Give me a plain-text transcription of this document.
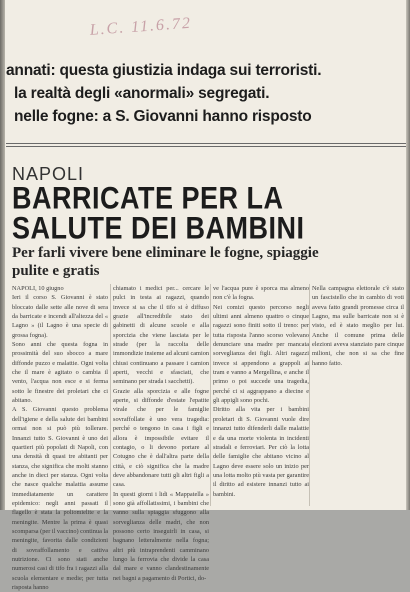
L.C. 11.6.72
annati: questa giustizia indaga sui terroristi.
la realtà degli «anormali» segregati.
nelle fogne: a S. Giovanni hanno risposto
NAPOLI
BARRICATE PER LA
SALUTE DEI BAMBINI
Per farli vivere bene eliminare le fogne, spiaggie
pulite e gratis

NAPOLI, 10 giugno

Ieri il corso S. Giovanni è stato bloccato dalle sette alle nove di sera da barricate e incendi all'altezza del « Lagno » (il Lagno è una specie di grossa fogna).

Sono anni che questa fogna in prossimità del suo sbocco a mare diffonde puzzo e malattie. Ogni volta che il mare è agitato o cambia il vento, l'acqua non esce e si ferma sotto le finestre dei proletari che ci abitano.

A S. Giovanni questo problema dell'igiene e della salute dei bambini ormai non si può più tollerare. Innanzi tutto S. Giovanni è uno dei quartieri più popolati di Napoli, con una densità di quasi tre abitanti per stanza, che significa che molti stanno anche in dieci per stanza. Ogni volta che nasce qualche malattia assume immediatamente un carattere epidemico: negli anni passati il flagello è stata la poliomielite e la meningite. Mentre la prima è quasi scomparsa (per il vaccino) continua la meningite, favorita dalle condizioni di sovraffollamento e cattiva nutrizione. Ci sono stati anche numerosi casi di tifo fra i ragazzi alla scuola elementare e medie; per tutta risposta hanno

chiamato i medici per... cercare le pulci in testa ai ragazzi, quando invece si sa che il tifo si è diffuso grazie all'incredibile stato dei gabinetti di alcune scuole e alla sporcizia che viene lasciata per le strade (per la raccolta delle immondizie insieme ad alcuni camion chiusi continuano a passare i camion aperti, vecchi e sfasciati, che seminano per strada i sacchetti).

Grazie alla sporcizia e alle fogne aperte, si diffonde d'estate l'epatite virale che per le famiglie sovraffollate è uno vera tragedia: perché o tengono in casa i figli e allora è impossibile evitare il contagio, o li devono portare al Cotugno che è dall'altra parte della città, e ciò significa che la madre deve abbandonare tutti gli altri figli a casa.

In questi giorni i lidi « Mappatella » sono già affollatissimi, i bambini che vanno sulla spiaggia sfuggono alla sorveglianza delle madri, che non possono certo inseguirli in casa, si bagnano letteralmente nella fogna; altri più intraprendenti camminano lungo la ferrovia che divide la casa dal mare e vanno clandestinamente nei bagni a pagamento di Portici, do-

ve l'acqua pure è sporca ma almeno non c'è la fogna.

Nei comizi questo percorso negli ultimi anni almeno quattro o cinque ragazzi sono finiti sotto il treno: per tutta risposta l'anno scorso volevano denunciare una madre per mancata sorveglianza dei figli. Altri ragazzi invece si appendono a grappoli ai tram e vanno a Mergellina, e anche il primo o poi succede una tragedia, perché ci si aggrappano a diecine e gli appigli sono pochi.

Diritto alla vita per i bambini proletari di S. Giovanni vuole dire innanzi tutto difenderli dalle malattie e da una morte violenta in incidenti stradali e ferroviari. Per ciò la lotta delle famiglie che abitano vicino al Lagno deve essere solo un inizio per una lotta molto più vasta per garantire il diritto ad esistere innanzi tutto ai bambini.

Nella campagna elettorale c'è stato un fascistello che in cambio di voti aveva fatto grandi promesse circa il Lagno, ma sulle barricate non si è visto, ed è stato meglio per lui. Anche il comune prima delle elezioni aveva stanziato pare cinque milioni, che non si sa che fine hanno fatto.
